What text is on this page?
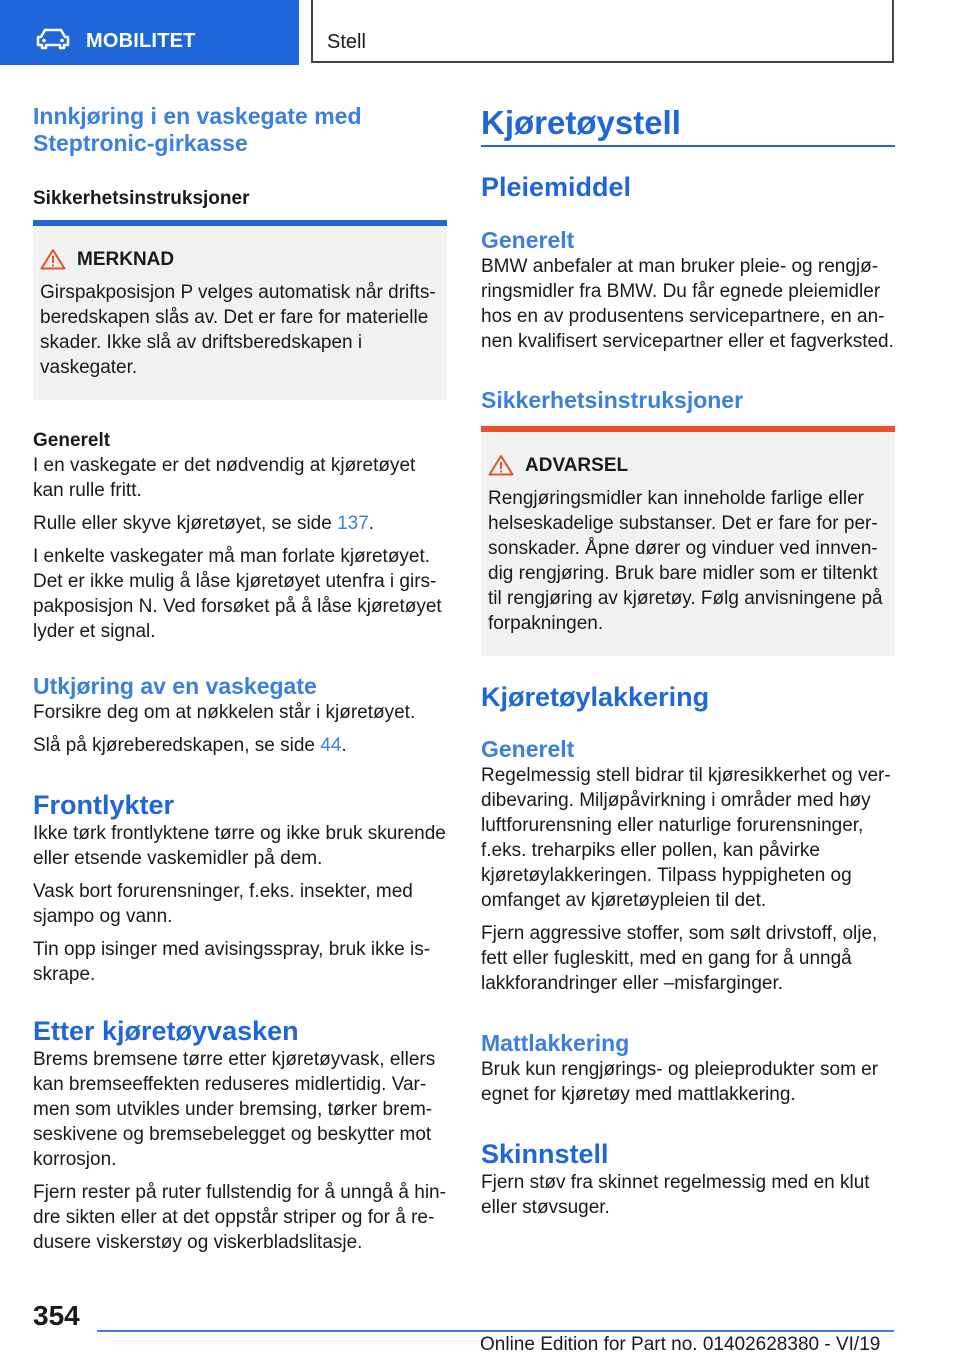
MOBILITET	Stell
Innkjøring i en vaskegate med Steptronic-girkasse

Sikkerhetsinstruksjoner

MERKNAD

Girspakposisjon P velges automatisk når driftsberedskapen slås av. Det er fare for materielle skader. Ikke slå av driftsberedskapen i vaskegater.

Generelt

I en vaskegate er det nødvendig at kjøretøyet kan rulle fritt.

Rulle eller skyve kjøretøyet, se side 137.

I enkelte vaskegater må man forlate kjøretøyet. Det er ikke mulig å låse kjøretøyet utenfra i girspakposisjon N. Ved forsøket på å låse kjøretøyet lyder et signal.

Utkjøring av en vaskegate

Forsikre deg om at nøkkelen står i kjøretøyet.

Slå på kjøreberedskapen, se side 44.

Frontlykter

Ikke tørk frontlyktene tørre og ikke bruk skurende eller etsende vaskemidler på dem.

Vask bort forurensninger, f.eks. insekter, med sjampo og vann.

Tin opp isinger med avisingsspray, bruk ikke isskrape.

Etter kjøretøyvasken

Brems bremsene tørre etter kjøretøyvask, ellers kan bremseeffekten reduseres midlertidig. Varmen som utvikles under bremsing, tørker bremseskivene og bremsebelegget og beskytter mot korrosjon.

Fjern rester på ruter fullstendig for å unngå å hindre sikten eller at det oppstår striper og for å redusere viskerstøy og viskerbladslitasje.

Kjøretøystell
Pleiemiddel
Generelt

BMW anbefaler at man bruker pleie- og rengjøringsmidler fra BMW. Du får egnede pleiemidler hos en av produsentens servicepartnere, en annen kvalifisert servicepartner eller et fagverksted.

Sikkerhetsinstruksjoner
ADVARSEL

Rengjøringsmidler kan inneholde farlige eller helseskadelige substanser. Det er fare for personskader. Åpne dører og vinduer ved innvendig rengjøring. Bruk bare midler som er tiltenkt til rengjøring av kjøretøy. Følg anvisningene på forpakningen.

Kjøretøylakkering
Generelt

Regelmessig stell bidrar til kjøresikkerhet og verdibevaring. Miljøpåvirkning i områder med høy luftforurensning eller naturlige forurensninger, f.eks. treharpiks eller pollen, kan påvirke kjøretøylakkeringen. Tilpass hyppigheten og omfanget av kjøretøypleien til det.

Fjern aggressive stoffer, som sølt drivstoff, olje, fett eller fugleskitt, med en gang for å unngå lakkforandringer eller –misfarginger.

Mattlakkering

Bruk kun rengjørings- og pleieprodukter som er egnet for kjøretøy med mattlakkering.

Skinnstell

Fjern støv fra skinnet regelmessig med en klut eller støvsuger.

354
Online Edition for Part no. 01402628380 - VI/19
